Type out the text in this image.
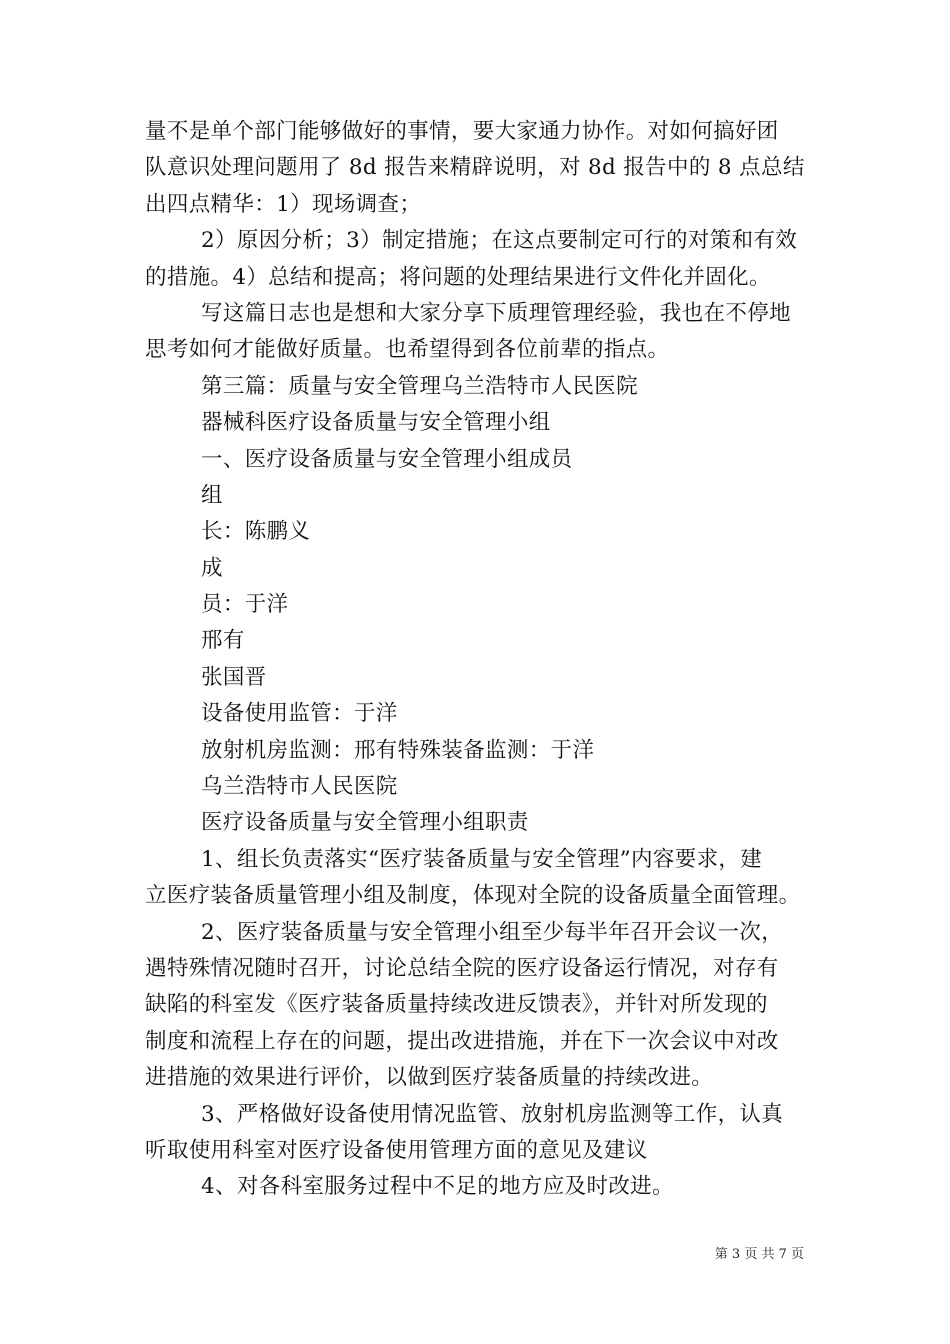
量不是单个部门能够做好的事情，要大家通力协作。对如何搞好团
队意识处理问题用了 8d 报告来精辟说明，对 8d 报告中的 8 点总结
出四点精华：1）现场调查；
2）原因分析；3）制定措施；在这点要制定可行的对策和有效
的措施。4）总结和提高；将问题的处理结果进行文件化并固化。
写这篇日志也是想和大家分享下质理管理经验，我也在不停地
思考如何才能做好质量。也希望得到各位前辈的指点。
第三篇：质量与安全管理乌兰浩特市人民医院
器械科医疗设备质量与安全管理小组
一、医疗设备质量与安全管理小组成员
组
长：陈鹏义
成
员：于洋
邢有
张国晋
设备使用监管：于洋
放射机房监测：邢有特殊装备监测：于洋
乌兰浩特市人民医院
医疗设备质量与安全管理小组职责
1、组长负责落实“医疗装备质量与安全管理”内容要求，建
立医疗装备质量管理小组及制度，体现对全院的设备质量全面管理。
2、医疗装备质量与安全管理小组至少每半年召开会议一次，
遇特殊情况随时召开，讨论总结全院的医疗设备运行情况，对存有
缺陷的科室发《医疗装备质量持续改进反馈表》，并针对所发现的
制度和流程上存在的问题，提出改进措施，并在下一次会议中对改
进措施的效果进行评价，以做到医疗装备质量的持续改进。
3、严格做好设备使用情况监管、放射机房监测等工作，认真
听取使用科室对医疗设备使用管理方面的意见及建议
4、对各科室服务过程中不足的地方应及时改进。
第 3 页 共 7 页
